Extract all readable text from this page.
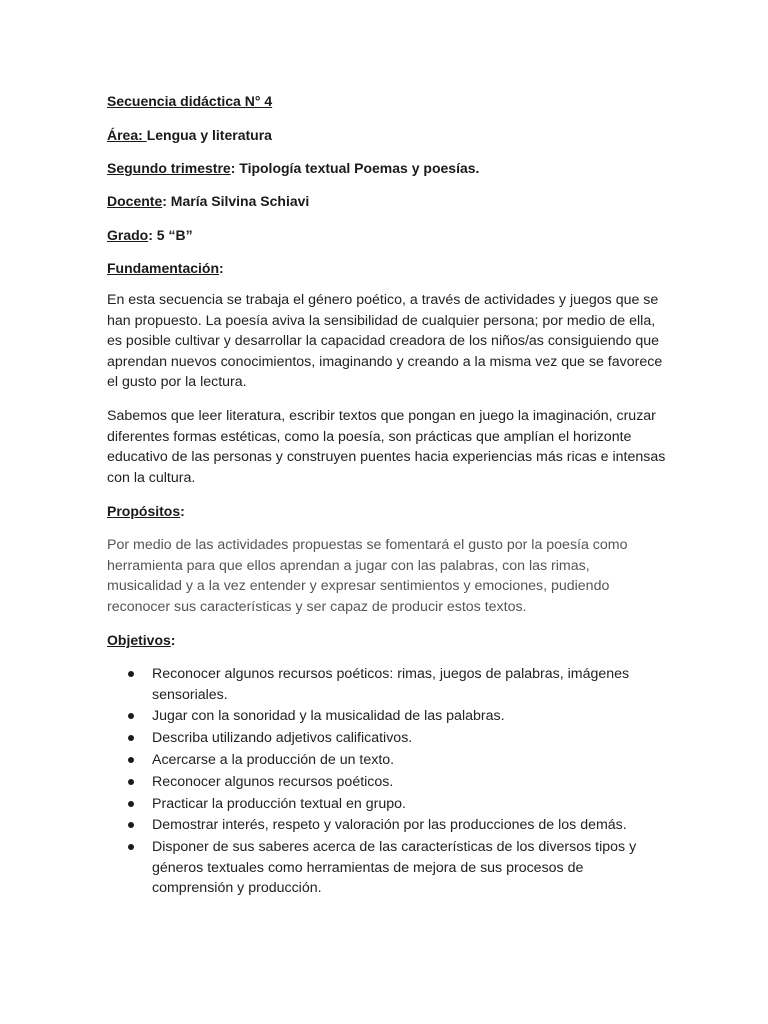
Secuencia didáctica N° 4
Área: Lengua y literatura
Segundo trimestre: Tipología textual Poemas y poesías.
Docente: María Silvina Schiavi
Grado: 5 “B”
Fundamentación:

En esta secuencia se trabaja el género poético, a través de actividades y juegos que se han propuesto. La poesía aviva la sensibilidad de cualquier persona; por medio de ella, es posible cultivar y desarrollar la capacidad creadora de los niños/as consiguiendo que aprendan nuevos conocimientos, imaginando y creando a la misma vez que se favorece el gusto por la lectura.

Sabemos que leer literatura, escribir textos que pongan en juego la imaginación, cruzar diferentes formas estéticas, como la poesía, son prácticas que amplían el horizonte educativo de las personas y construyen puentes hacia experiencias más ricas e intensas con la cultura.

Propósitos:

Por medio de las actividades propuestas se fomentará el gusto por la poesía como herramienta para que ellos aprendan a jugar con las palabras, con las rimas, musicalidad y a la vez entender y expresar sentimientos y emociones, pudiendo reconocer sus características y ser capaz de producir estos textos.

Objetivos:
Reconocer algunos recursos poéticos: rimas, juegos de palabras, imágenes sensoriales.
Jugar con la sonoridad y la musicalidad de las palabras.
Describa utilizando adjetivos calificativos.
Acercarse a la producción de un texto.
Reconocer algunos recursos poéticos.
Practicar la producción textual en grupo.
Demostrar interés, respeto y valoración por las producciones de los demás.
Disponer de sus saberes acerca de las características de los diversos tipos y géneros textuales como herramientas de mejora de sus procesos de comprensión y producción.
